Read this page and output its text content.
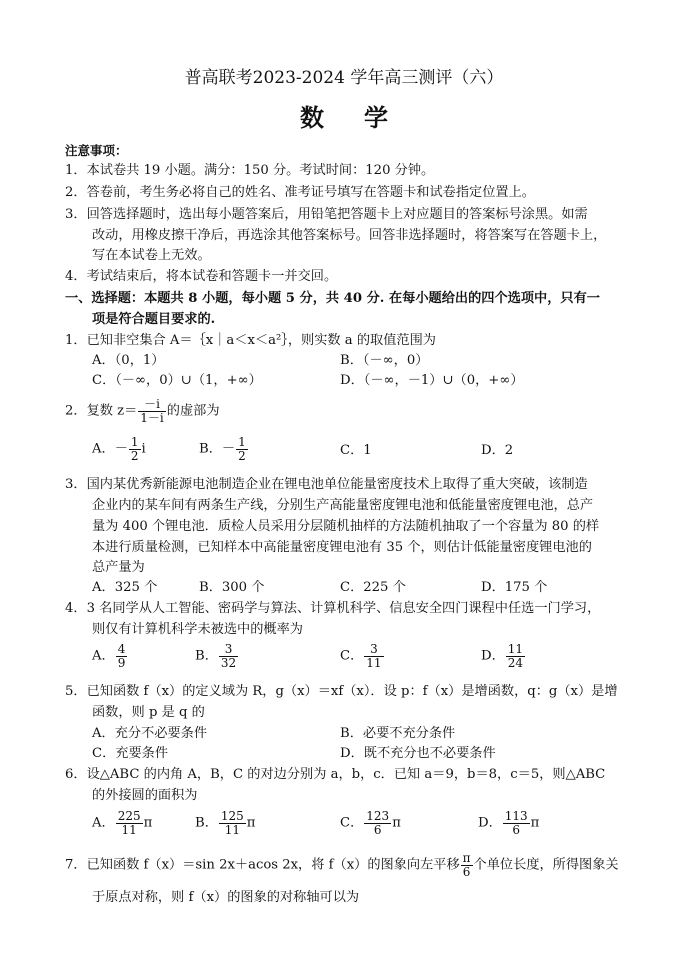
普高联考2023-2024 学年高三测评（六）
数学
注意事项：
1．本试卷共 19 小题。满分：150 分。考试时间：120 分钟。
2．答卷前，考生务必将自己的姓名、准考证号填写在答题卡和试卷指定位置上。
3．回答选择题时，选出每小题答案后，用铅笔把答题卡上对应题目的答案标号涂黑。如需
改动，用橡皮擦干净后，再选涂其他答案标号。回答非选择题时，将答案写在答题卡上，
写在本试卷上无效。
4．考试结束后，将本试卷和答题卡一并交回。
一、选择题：本题共 8 小题，每小题 5 分，共 40 分. 在每小题给出的四个选项中，只有一
项是符合题目要求的.
1．已知非空集合 A＝｛x｜a＜x＜a²｝，则实数 a 的取值范围为
A．（0，1）	B．（－∞，0）
C．（－∞，0）∪（1，+∞）	D．（－∞，－1）∪（0，+∞）
2．复数 $z= \frac{-i}{1-i}$ 的虚部为
A．－ $\frac{1}{2}$ i	B．－ $\frac{1}{2}$	C．1	D．2
3．国内某优秀新能源电池制造企业在锂电池单位能量密度技术上取得了重大突破，该制造
企业内的某车间有两条生产线，分别生产高能量密度锂电池和低能量密度锂电池，总产
量为 400 个锂电池．质检人员采用分层随机抽样的方法随机抽取了一个容量为 80 的样
本进行质量检测，已知样本中高能量密度锂电池有 35 个，则估计低能量密度锂电池的
总产量为
A．325 个	B．300 个	C．225 个	D．175 个
4．3 名同学从人工智能、密码学与算法、计算机科学、信息安全四门课程中任选一门学习，
则仅有计算机科学未被选中的概率为
A． $\frac{4}{9}$	B． $\frac{3}{32}$	C． $\frac{3}{11}$	D． $\frac{11}{24}$
5．已知函数 f（x）的定义域为 R，g（x）＝xf（x）．设 p：f（x）是增函数，q：g（x）是增
函数，则 p 是 q 的
A．充分不必要条件	B．必要不充分条件
C．充要条件	D．既不充分也不必要条件
6．设△ABC 的内角 A，B，C 的对边分别为 a，b，c．已知 a＝9，b＝8，c＝5，则△ABC
的外接圆的面积为
A． $\frac{225}{11}$ π	B． $\frac{125}{11}$ π	C． $\frac{123}{6}$ π	D． $\frac{113}{6}$ π
7．已知函数 f（x）＝sin 2x＋acos 2x，将 f（x）的图象向左平移 $\frac{\pi}{6}$ 个单位长度，所得图象关
于原点对称，则 f（x）的图象的对称轴可以为
